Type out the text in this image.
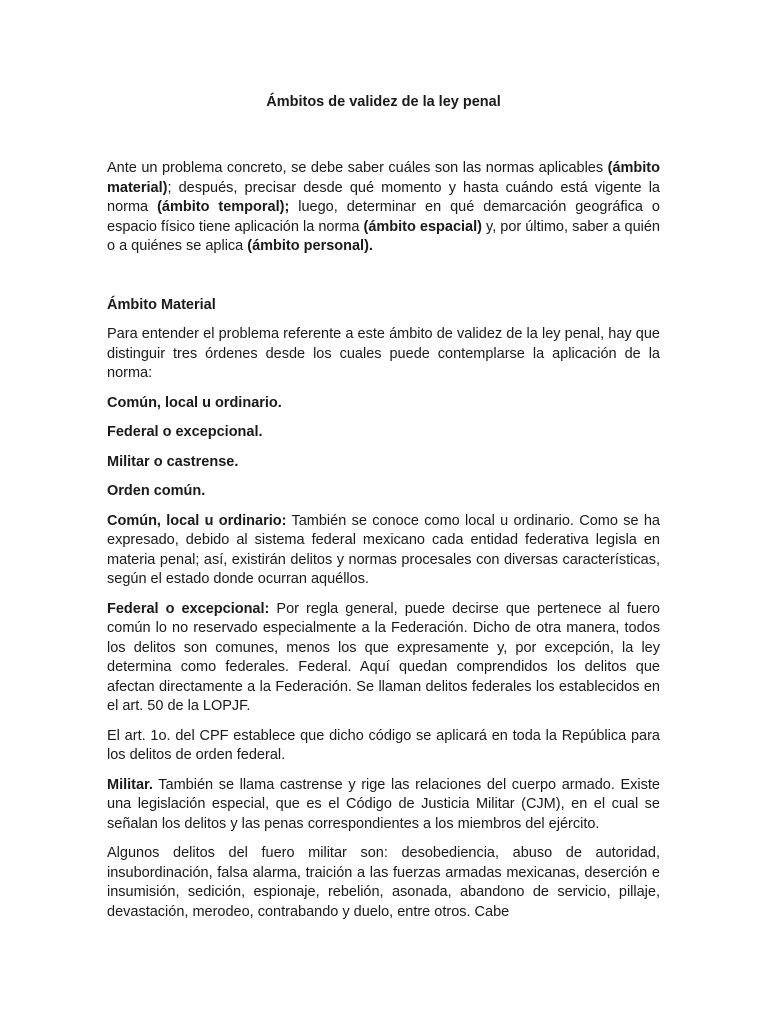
Ámbitos de validez de la ley penal

Ante un problema concreto, se debe saber cuáles son las normas aplicables (ámbito material); después, precisar desde qué momento y hasta cuándo está vigente la norma (ámbito temporal); luego, determinar en qué demarcación geográfica o espacio físico tiene aplicación la norma (ámbito espacial) y, por último, saber a quién o a quiénes se aplica (ámbito personal).

Ámbito Material

Para entender el problema referente a este ámbito de validez de la ley penal, hay que distinguir tres órdenes desde los cuales puede contemplarse la aplicación de la norma:

Común, local u ordinario.

Federal o excepcional.

Militar o castrense.

Orden común.

Común, local u ordinario: También se conoce como local u ordinario. Como se ha expresado, debido al sistema federal mexicano cada entidad federativa legisla en materia penal; así, existirán delitos y normas procesales con diversas características, según el estado donde ocurran aquéllos.

Federal o excepcional: Por regla general, puede decirse que pertenece al fuero común lo no reservado especialmente a la Federación. Dicho de otra manera, todos los delitos son comunes, menos los que expresamente y, por excepción, la ley determina como federales. Federal. Aquí quedan comprendidos los delitos que afectan directamente a la Federación. Se llaman delitos federales los establecidos en el art. 50 de la LOPJF.

El art. 1o. del CPF establece que dicho código se aplicará en toda la República para los delitos de orden federal.

Militar. También se llama castrense y rige las relaciones del cuerpo armado. Existe una legislación especial, que es el Código de Justicia Militar (CJM), en el cual se señalan los delitos y las penas correspondientes a los miembros del ejército.

Algunos delitos del fuero militar son: desobediencia, abuso de autoridad, insubordinación, falsa alarma, traición a las fuerzas armadas mexicanas, deserción e insumisión, sedición, espionaje, rebelión, asonada, abandono de servicio, pillaje, devastación, merodeo, contrabando y duelo, entre otros. Cabe
